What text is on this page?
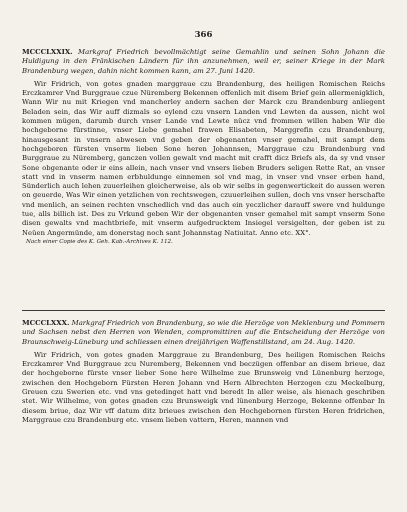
366

MCCCLXXIX. Markgraf Friedrich bevollmächtigt seine Gemahlin und seinen Sohn Johann die Huldigung in den Fränkischen Ländern für ihn anzunehmen, weil er, seiner Kriege in der Mark Brandenburg wegen, dahin nicht kommen kann, am 27. Juni 1420.

Wir Fridrich, von gotes gnaden marggraue czu Brandenburg, des heiligen Romischen Reichs Erczkamrer Vnd Burggraue czue Nüremberg Bekennen offenlich mit disem Brief gein allermenigklich, Wann Wir nu mit Kriegen vnd mancherley andern sachen der Marck czu Brandenburg anliegent Beladen sein, das Wir auff dizmals so eylend czu vnsern Landen vnd Lewten da aussen, nicht wol kommen mügen, darumb durch vnser Lande vnd Lewte nücz vnd frommen willen haben Wir die hochgeborne fürstinne, vnser Liebe gemahel frawen Elisabeten, Marggrefin czu Brandenburg, hinausgesant in vnsern abwesen vnd geben der obgenanten vnser gemahel, mit sampt dem hochgeboren fürsten vnserm lieben Sone heren Johannsen, Marggraue czu Brandenburg vnd Burggraue zu Nüremberg, ganczen vollen gewalt vnd macht mit crafft dicz Briefs als, da sy vnd vnser Sone obgenante oder ir eins allein, nach vnser vnd vnsers lieben Bruders seligen Rette Rat, an vnser statt vnd in vnserm namen erbhuldunge einnemen sol vnd mag, in vnser vnd vnser erben hand, Sünderlich auch lehen zuuerleihen gleicherweise, als ob wir selbs in gegenwertickeit do aussen weren on geuerde, Was Wir einen yetzlichen von rechtswegen, czuuerleihen sullen, doch vns vnser herschafte vnd menlich, an seinen rechten vnschedlich vnd das auch ein yeczlicher darauff swere vnd huldunge tue, alls billich ist. Des zu Vrkund geben Wir der obgenanten vnser gemahel mit sampt vnserm Sone disen gewalts vnd machtbriefe, mit vnserm aufgedrucktem Insiegel versigelten, der geben ist zu Neüen Angermünde, am donerstag noch sant Johannstag Natiuitat. Anno etc. XX°.

Nach einer Copie des K. Geh. Kab.-Archives K. 112.

MCCCLXXX. Markgraf Friedrich von Brandenburg, so wie die Herzöge von Meklenburg und Pommern und Sachsen nebst den Herren von Wenden, compromittiren auf die Entscheidung der Herzöge von Braunschweig-Lüneburg und schliessen einen dreijährigen Waffenstillstand, am 24. Aug. 1420.

Wir Fridrich, von gotes gnaden Marggraue zu Brandenburg, Des heiligen Romischen Reichs Erczkamrer Vnd Burggraue zcu Nuremberg, Bekennen vnd beczügen offenbar an disem brieue, daz der hochgeborne fürste vnser lieber Sone here Wilhelme zue Brunsweig vnd Lünenburg herzoge, zwischen den Hochgeborn Fürsten Heren Johann vnd Hern Albrechten Herzogen czu Meckelburg, Greuen czu Swerien etc. vnd vns getedinget hatt vnd beredt In aller weise, als hienach geschriben stet. Wir Wilhelme, von gotes gnaden czu Brunsweigk vnd lünenburg Herzoge, Bekenne offenbar In diesem briue, daz Wir vff datum ditz brieues zwischen den Hochgebornen fürsten Heren fridrichen, Marggraue czu Brandenburg etc. vnsem lieben vattern, Heren, mannen vnd
